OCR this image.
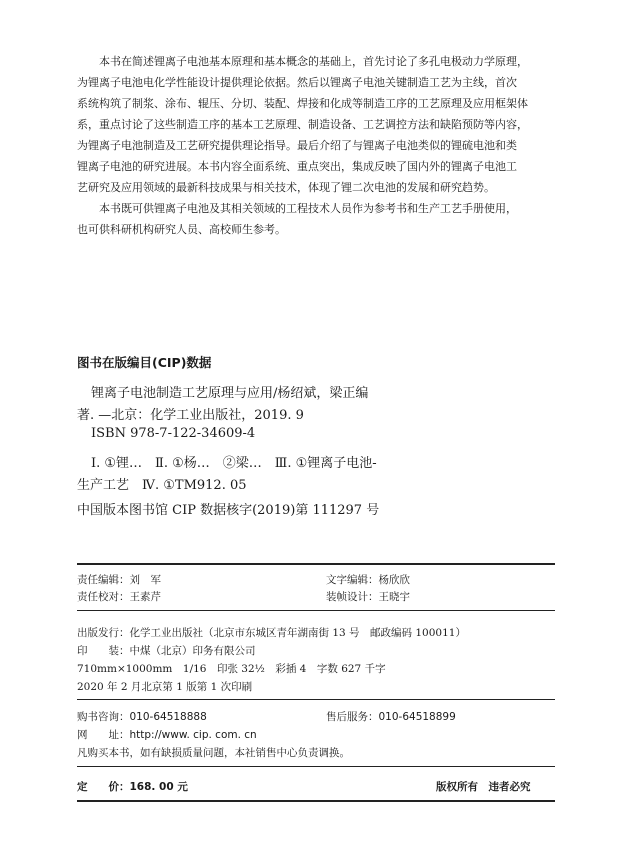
本书在简述锂离子电池基本原理和基本概念的基础上，首先讨论了多孔电极动力学原理，

为锂离子电池电化学性能设计提供理论依据。然后以锂离子电池关键制造工艺为主线，首次

系统构筑了制浆、涂布、辊压、分切、装配、焊接和化成等制造工序的工艺原理及应用框架体

系，重点讨论了这些制造工序的基本工艺原理、制造设备、工艺调控方法和缺陷预防等内容，

为锂离子电池制造及工艺研究提供理论指导。最后介绍了与锂离子电池类似的锂硫电池和类

锂离子电池的研究进展。本书内容全面系统、重点突出，集成反映了国内外的锂离子电池工

艺研究及应用领域的最新科技成果与相关技术，体现了锂二次电池的发展和研究趋势。

本书既可供锂离子电池及其相关领域的工程技术人员作为参考书和生产工艺手册使用，

也可供科研机构研究人员、高校师生参考。

图书在版编目(CIP)数据
锂离子电池制造工艺原理与应用/杨绍斌，梁正编
著. —北京：化学工业出版社，2019. 9
ISBN 978-7-122-34609-4
Ⅰ. ①锂…　Ⅱ. ①杨…　②梁…　Ⅲ. ①锂离子电池-
生产工艺　Ⅳ. ①TM912. 05
中国版本图书馆 CIP 数据核字(2019)第 111297 号
责任编辑：刘　军	文字编辑：杨欣欣
责任校对：王素芹	装帧设计：王晓宇
出版发行：化学工业出版社（北京市东城区青年湖南街 13 号　邮政编码 100011）
印　　装：中煤（北京）印务有限公司
710mm×1000mm　1/16　印张 32½　彩插 4　字数 627 千字
2020 年 2 月北京第 1 版第 1 次印刷
购书咨询：010-64518888	售后服务：010-64518899
网　　址：http://www. cip. com. cn
凡购买本书，如有缺损质量问题，本社销售中心负责调换。
定　　价：168. 00 元	版权所有　违者必究
